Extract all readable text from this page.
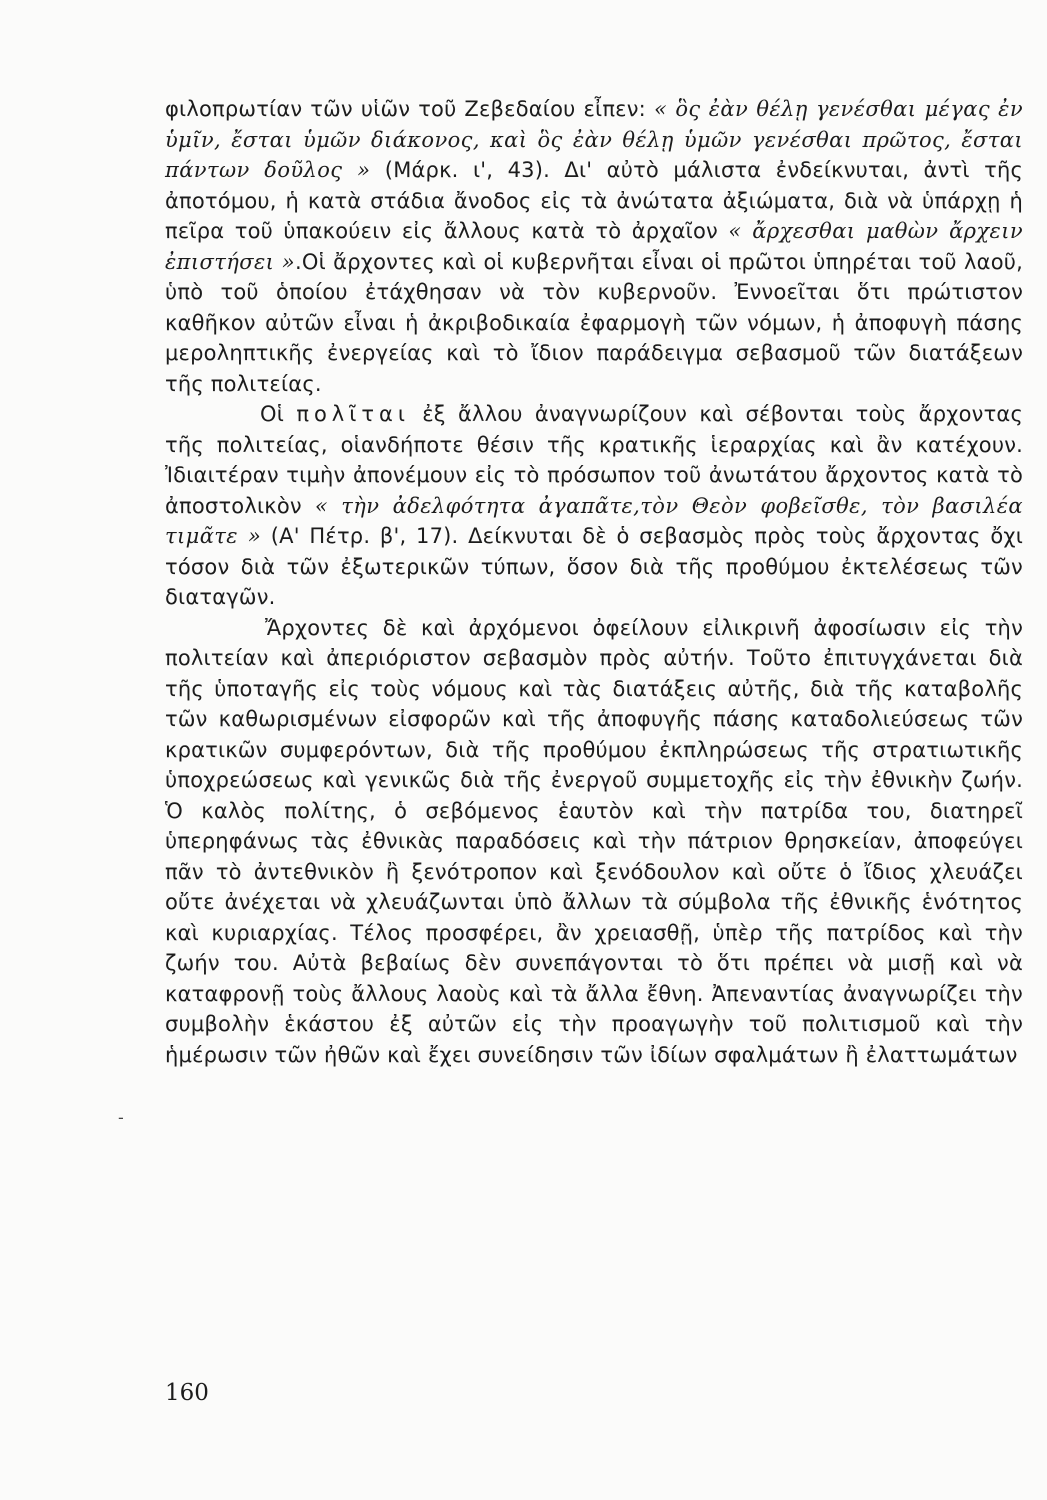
φιλοπρωτίαν τῶν υἱῶν τοῦ Ζεβεδαίου εἶπεν: « ὃς ἐὰν θέλῃ γενέσθαι μέγας ἐν ὑμῖν, ἔσται ὑμῶν διάκονος, καὶ ὃς ἐὰν θέλῃ ὑμῶν γενέσθαι πρῶτος, ἔσται πάντων δοῦλος » (Μάρκ. ι', 43). Δι' αὐτὸ μάλιστα ἐνδείκνυται, ἀντὶ τῆς ἀποτόμου, ἡ κατὰ στάδια ἄνοδος εἰς τὰ ἀνώτατα ἀξιώματα, διὰ νὰ ὑπάρχῃ ἡ πεῖρα τοῦ ὑπακούειν εἰς ἄλλους κατὰ τὸ ἀρχαῖον « ἄρχεσθαι μαθὼν ἄρχειν ἐπιστήσει ».Οἱ ἄρχοντες καὶ οἱ κυβερνῆται εἶναι οἱ πρῶτοι ὑπηρέται τοῦ λαοῦ, ὑπὸ τοῦ ὁποίου ἐτάχθησαν νὰ τὸν κυβερνοῦν. Ἐννοεῖται ὅτι πρώτιστον καθῆκον αὐτῶν εἶναι ἡ ἀκριβοδικαία ἐφαρμογὴ τῶν νόμων, ἡ ἀποφυγὴ πάσης μεροληπτικῆς ἐνεργείας καὶ τὸ ἴδιον παράδειγμα σεβασμοῦ τῶν διατάξεων τῆς πολιτείας.

Οἱ πολῖται ἐξ ἄλλου ἀναγνωρίζουν καὶ σέβονται τοὺς ἄρχοντας τῆς πολιτείας, οἱανδήποτε θέσιν τῆς κρατικῆς ἱεραρχίας καὶ ἂν κατέχουν. Ἰδιαιτέραν τιμὴν ἀπονέμουν εἰς τὸ πρόσωπον τοῦ ἀνωτάτου ἄρχοντος κατὰ τὸ ἀποστολικὸν « τὴν ἀδελφότητα ἀγαπᾶτε,τὸν Θεὸν φοβεῖσθε, τὸν βασιλέα τιμᾶτε » (Α' Πέτρ. β', 17). Δείκνυται δὲ ὁ σεβασμὸς πρὸς τοὺς ἄρχοντας ὄχι τόσον διὰ τῶν ἐξωτερικῶν τύπων, ὅσον διὰ τῆς προθύμου ἐκτελέσεως τῶν διαταγῶν.

Ἄρχοντες δὲ καὶ ἀρχόμενοι ὀφείλουν εἰλικρινῆ ἀφοσίωσιν εἰς τὴν πολιτείαν καὶ ἀπεριόριστον σεβασμὸν πρὸς αὐτήν. Τοῦτο ἐπιτυγχάνεται διὰ τῆς ὑποταγῆς εἰς τοὺς νόμους καὶ τὰς διατάξεις αὐτῆς, διὰ τῆς καταβολῆς τῶν καθωρισμένων εἰσφορῶν καὶ τῆς ἀποφυγῆς πάσης καταδολιεύσεως τῶν κρατικῶν συμφερόντων, διὰ τῆς προθύμου ἐκπληρώσεως τῆς στρατιωτικῆς ὑποχρεώσεως καὶ γενικῶς διὰ τῆς ἐνεργοῦ συμμετοχῆς εἰς τὴν ἐθνικὴν ζωήν. Ὁ καλὸς πολίτης, ὁ σεβόμενος ἑαυτὸν καὶ τὴν πατρίδα του, διατηρεῖ ὑπερηφάνως τὰς ἐθνικὰς παραδόσεις καὶ τὴν πάτριον θρησκείαν, ἀποφεύγει πᾶν τὸ ἀντεθνικὸν ἢ ξενότροπον καὶ ξενόδουλον καὶ οὔτε ὁ ἴδιος χλευάζει οὔτε ἀνέχεται νὰ χλευάζωνται ὑπὸ ἄλλων τὰ σύμβολα τῆς ἐθνικῆς ἑνότητος καὶ κυριαρχίας. Τέλος προσφέρει, ἂν χρειασθῇ, ὑπὲρ τῆς πατρίδος καὶ τὴν ζωήν του. Αὐτὰ βεβαίως δὲν συνεπάγονται τὸ ὅτι πρέπει νὰ μισῇ καὶ νὰ καταφρονῇ τοὺς ἄλλους λαοὺς καὶ τὰ ἄλλα ἔθνη. Ἀπεναντίας ἀναγνωρίζει τὴν συμβολὴν ἑκάστου ἐξ αὐτῶν εἰς τὴν προαγωγὴν τοῦ πολιτισμοῦ καὶ τὴν ἡμέρωσιν τῶν ἠθῶν καὶ ἔχει συνείδησιν τῶν ἰδίων σφαλμάτων ἢ ἐλαττωμάτων

-
160
